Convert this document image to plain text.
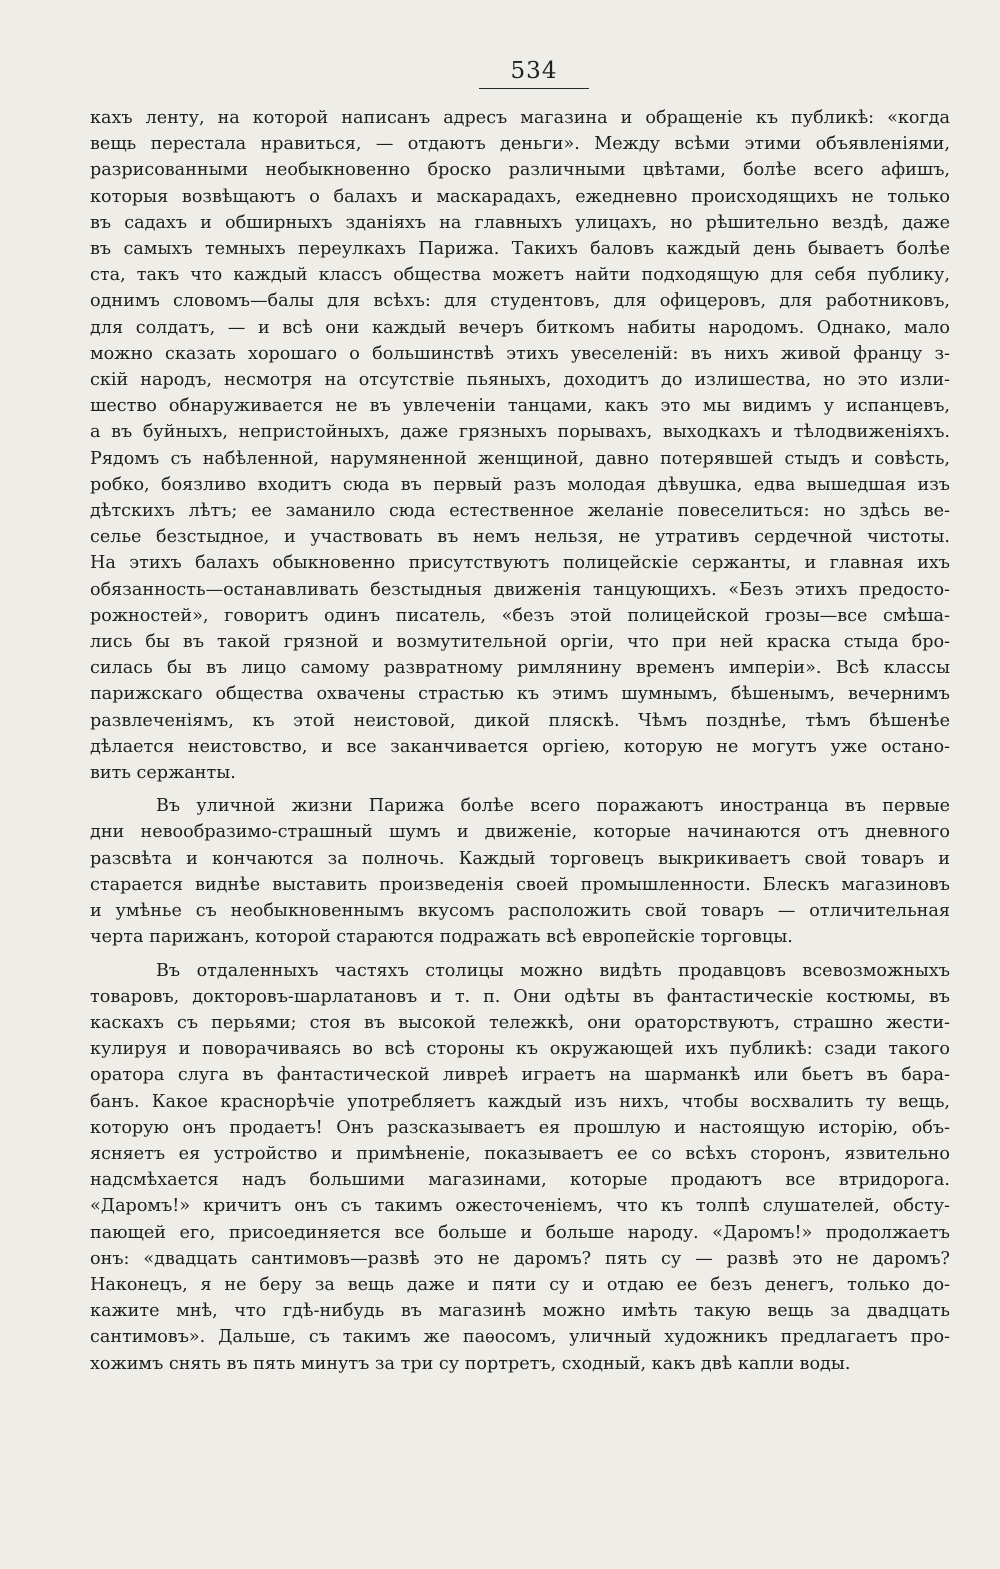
534
кахъ ленту, на которой написанъ адресъ магазина и обращеніе къ публикѣ: «когда
вещь перестала нравиться, — отдаютъ деньги». Между всѣми этими объявленіями,
разрисованными необыкновенно броско различными цвѣтами, болѣе всего афишъ,
которыя возвѣщаютъ о балахъ и маскарадахъ, ежедневно происходящихъ не только
въ садахъ и обширныхъ зданіяхъ на главныхъ улицахъ, но рѣшительно вездѣ, даже
въ самыхъ темныхъ переулкахъ Парижа. Такихъ баловъ каждый день бываетъ болѣе
ста, такъ что каждый классъ общества можетъ найти подходящую для себя публику,
однимъ словомъ—балы для всѣхъ: для студентовъ, для офицеровъ, для работниковъ,
для солдатъ, — и всѣ они каждый вечеръ биткомъ набиты народомъ. Однако, мало
можно сказать хорошаго о большинствѣ этихъ увеселеній: въ нихъ живой францу з-
скій народъ, несмотря на отсутствіе пьяныхъ, доходитъ до излишества, но это изли-
шество обнаруживается не въ увлеченіи танцами, какъ это мы видимъ у испанцевъ,
а въ буйныхъ, непристойныхъ, даже грязныхъ порывахъ, выходкахъ и тѣлодвиженіяхъ.
Рядомъ съ набѣленной, нарумяненной женщиной, давно потерявшей стыдъ и совѣсть,
робко, боязливо входитъ сюда въ первый разъ молодая дѣвушка, едва вышедшая изъ
дѣтскихъ лѣтъ; ее заманило сюда естественное желаніе повеселиться: но здѣсь ве-
селье безстыдное, и участвовать въ немъ нельзя, не утративъ сердечной чистоты.
На этихъ балахъ обыкновенно присутствуютъ полицейскіе сержанты, и главная ихъ
обязанность—останавливать безстыдныя движенія танцующихъ. «Безъ этихъ предосто-
рожностей», говоритъ одинъ писатель, «безъ этой полицейской грозы—все смѣша-
лись бы въ такой грязной и возмутительной оргіи, что при ней краска стыда бро-
силась бы въ лицо самому развратному римлянину временъ имперіи». Всѣ классы
парижскаго общества охвачены страстью къ этимъ шумнымъ, бѣшенымъ, вечернимъ
развлеченіямъ, къ этой неистовой, дикой пляскѣ. Чѣмъ позднѣе, тѣмъ бѣшенѣе
дѣлается неистовство, и все заканчивается оргіею, которую не могутъ уже остано-
вить сержанты.
Въ уличной жизни Парижа болѣе всего поражаютъ иностранца въ первые
дни невообразимо-страшный шумъ и движеніе, которые начинаются отъ дневного
разсвѣта и кончаются за полночь. Каждый торговецъ выкрикиваетъ свой товаръ и
старается виднѣе выставить произведенія своей промышленности. Блескъ магазиновъ
и умѣнье съ необыкновеннымъ вкусомъ расположить свой товаръ — отличительная
черта парижанъ, которой стараются подражать всѣ европейскіе торговцы.
Въ отдаленныхъ частяхъ столицы можно видѣть продавцовъ всевозможныхъ
товаровъ, докторовъ-шарлатановъ и т. п. Они одѣты въ фантастическіе костюмы, въ
каскахъ съ перьями; стоя въ высокой тележкѣ, они ораторствуютъ, страшно жести-
кулируя и поворачиваясь во всѣ стороны къ окружающей ихъ публикѣ: сзади такого
оратора слуга въ фантастической ливреѣ играетъ на шарманкѣ или бьетъ въ бара-
банъ. Какое краснорѣчіе употребляетъ каждый изъ нихъ, чтобы восхвалить ту вещь,
которую онъ продаетъ! Онъ разсказываетъ ея прошлую и настоящую исторію, объ-
ясняетъ ея устройство и примѣненіе, показываетъ ее со всѣхъ сторонъ, язвительно
надсмѣхается надъ большими магазинами, которые продаютъ все втридорога.
«Даромъ!» кричитъ онъ съ такимъ ожесточеніемъ, что къ толпѣ слушателей, обсту-
пающей его, присоединяется все больше и больше народу. «Даромъ!» продолжаетъ
онъ: «двадцать сантимовъ—развѣ это не даромъ? пять су — развѣ это не даромъ?
Наконецъ, я не беру за вещь даже и пяти су и отдаю ее безъ денегъ, только до-
кажите мнѣ, что гдѣ-нибудь въ магазинѣ можно имѣть такую вещь за двадцать
сантимовъ». Дальше, съ такимъ же паѳосомъ, уличный художникъ предлагаетъ про-
хожимъ снять въ пять минутъ за три су портретъ, сходный, какъ двѣ капли воды.
